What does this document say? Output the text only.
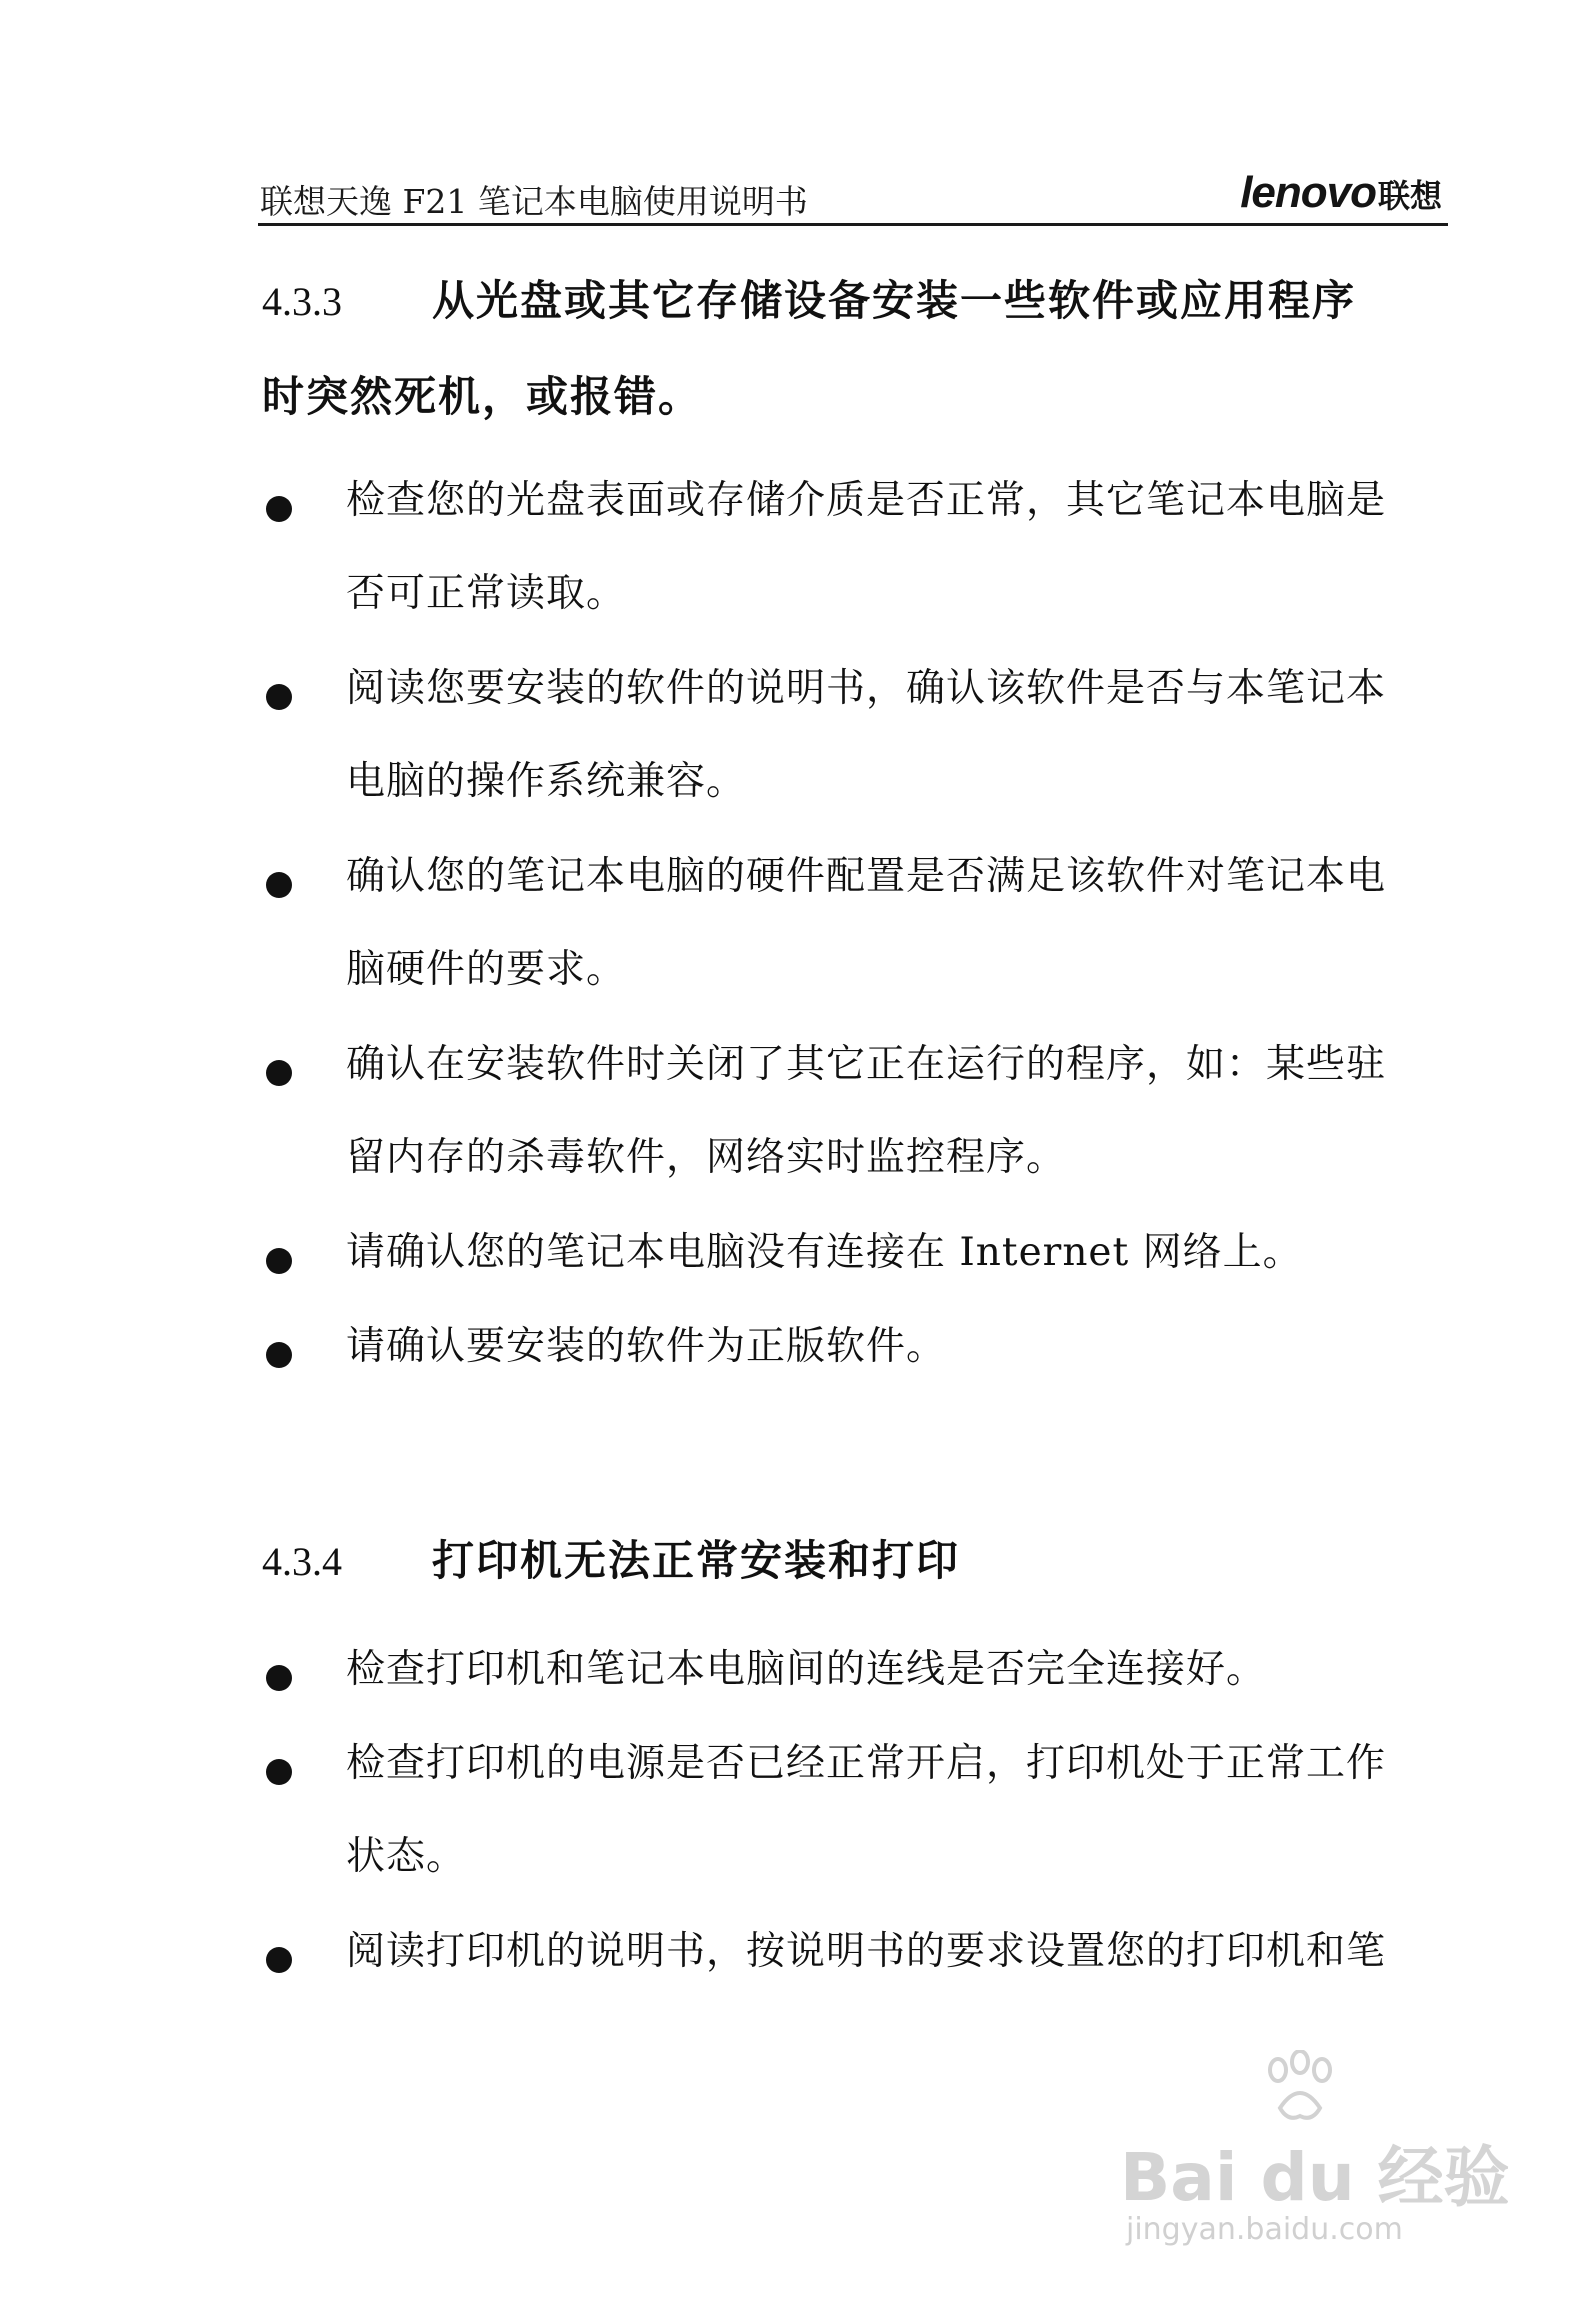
联想天逸 F21 笔记本电脑使用说明书	lenovo联想
4.3.3 从光盘或其它存储设备安装一些软件或应用程序
时突然死机，或报错。
检查您的光盘表面或存储介质是否正常，其它笔记本电脑是
否可正常读取。
阅读您要安装的软件的说明书，确认该软件是否与本笔记本
电脑的操作系统兼容。
确认您的笔记本电脑的硬件配置是否满足该软件对笔记本电
脑硬件的要求。
确认在安装软件时关闭了其它正在运行的程序，如：某些驻
留内存的杀毒软件，网络实时监控程序。
请确认您的笔记本电脑没有连接在 Internet 网络上。
请确认要安装的软件为正版软件。
4.3.4 打印机无法正常安装和打印
检查打印机和笔记本电脑间的连线是否完全连接好。
检查打印机的电源是否已经正常开启，打印机处于正常工作
状态。
阅读打印机的说明书，按说明书的要求设置您的打印机和笔
Bai du 经验
jingyan.baidu.com
